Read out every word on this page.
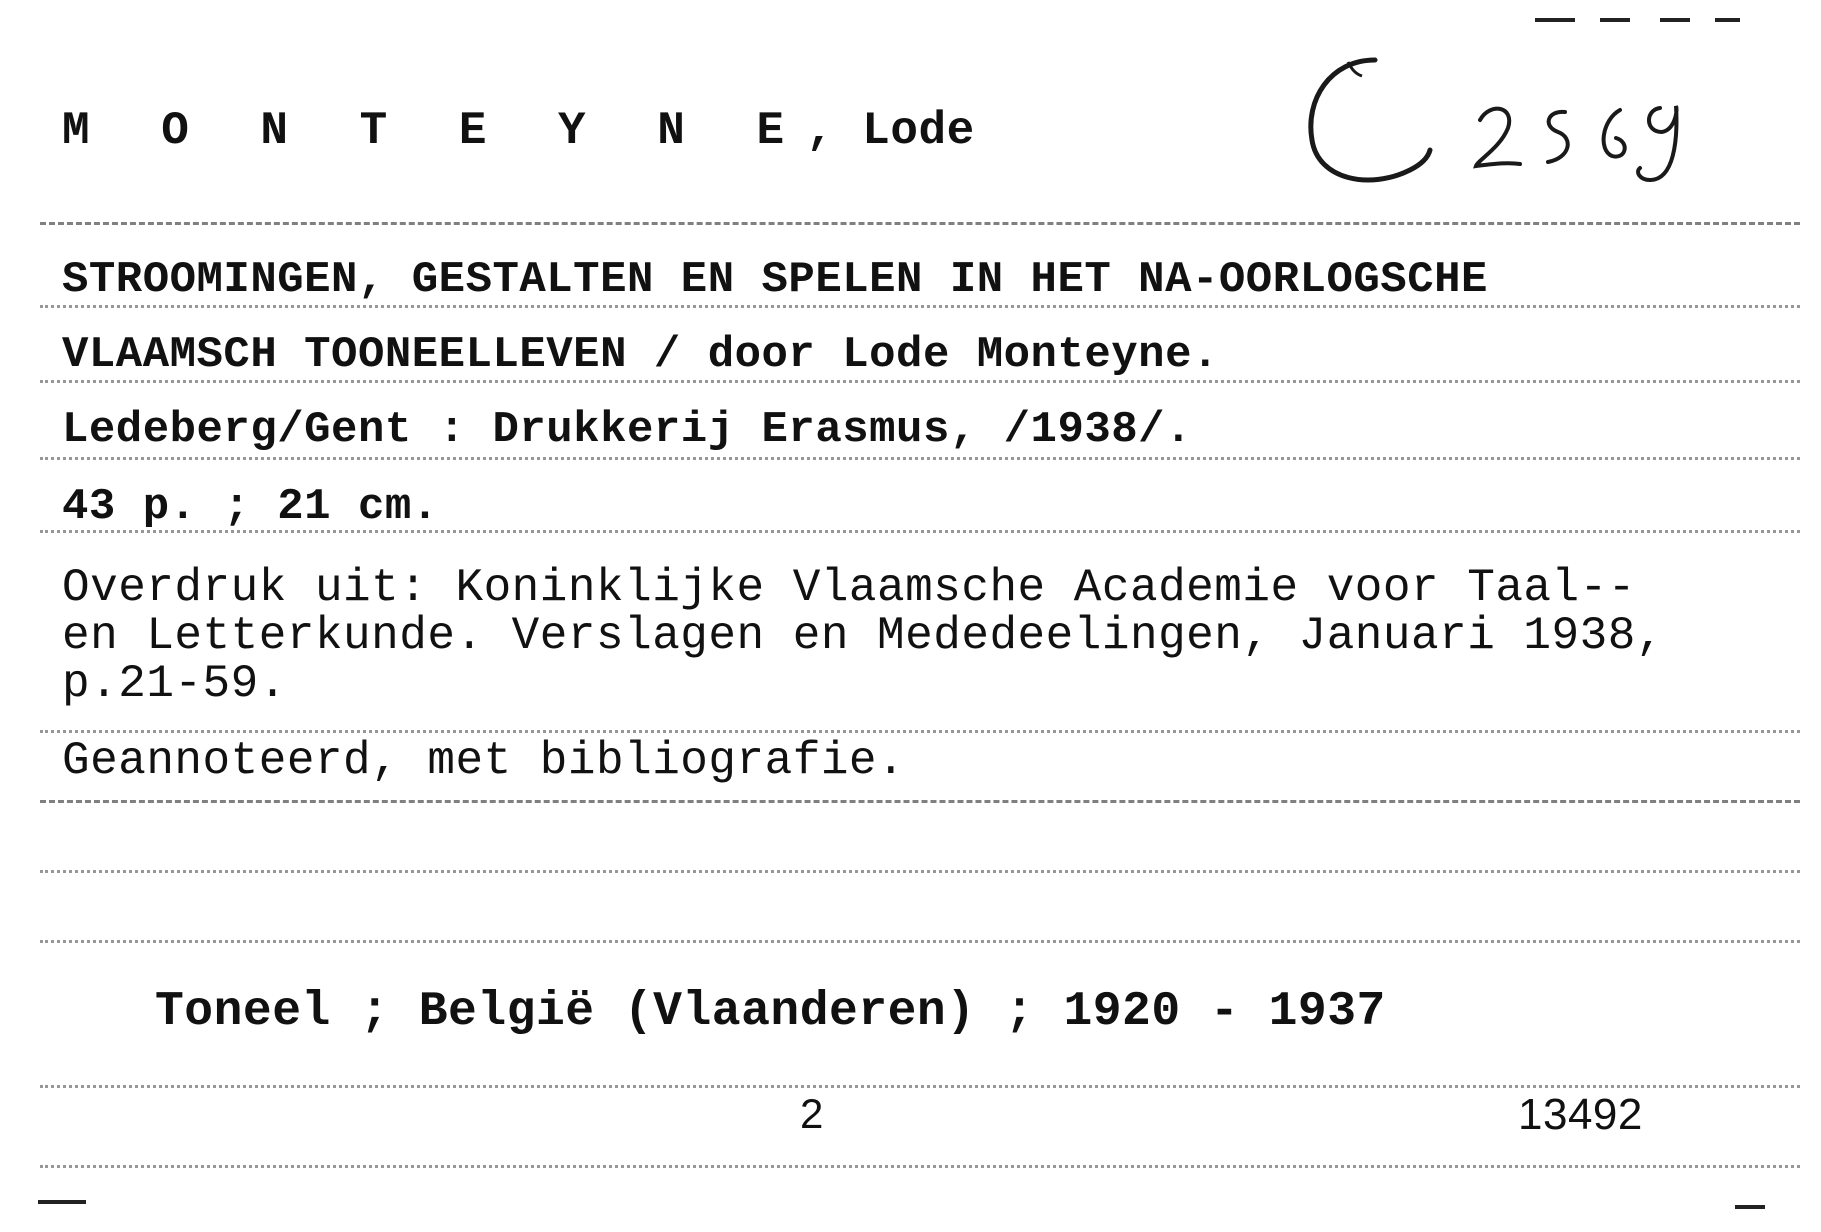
M O N T E Y N E, Lode
C 2569
STROOMINGEN, GESTALTEN EN SPELEN IN HET NA-OORLOGSCHE
VLAAMSCH TOONEELLEVEN / door Lode Monteyne.
Ledeberg/Gent : Drukkerij Erasmus, /1938/.
43 p. ; 21 cm.
Overdruk uit: Koninklijke Vlaamsche Academie voor Taal--
en Letterkunde. Verslagen en Mededeelingen, Januari 1938,
p.21-59.
Geannoteerd, met bibliografie.
Toneel ; België (Vlaanderen) ; 1920 - 1937
2	13492
